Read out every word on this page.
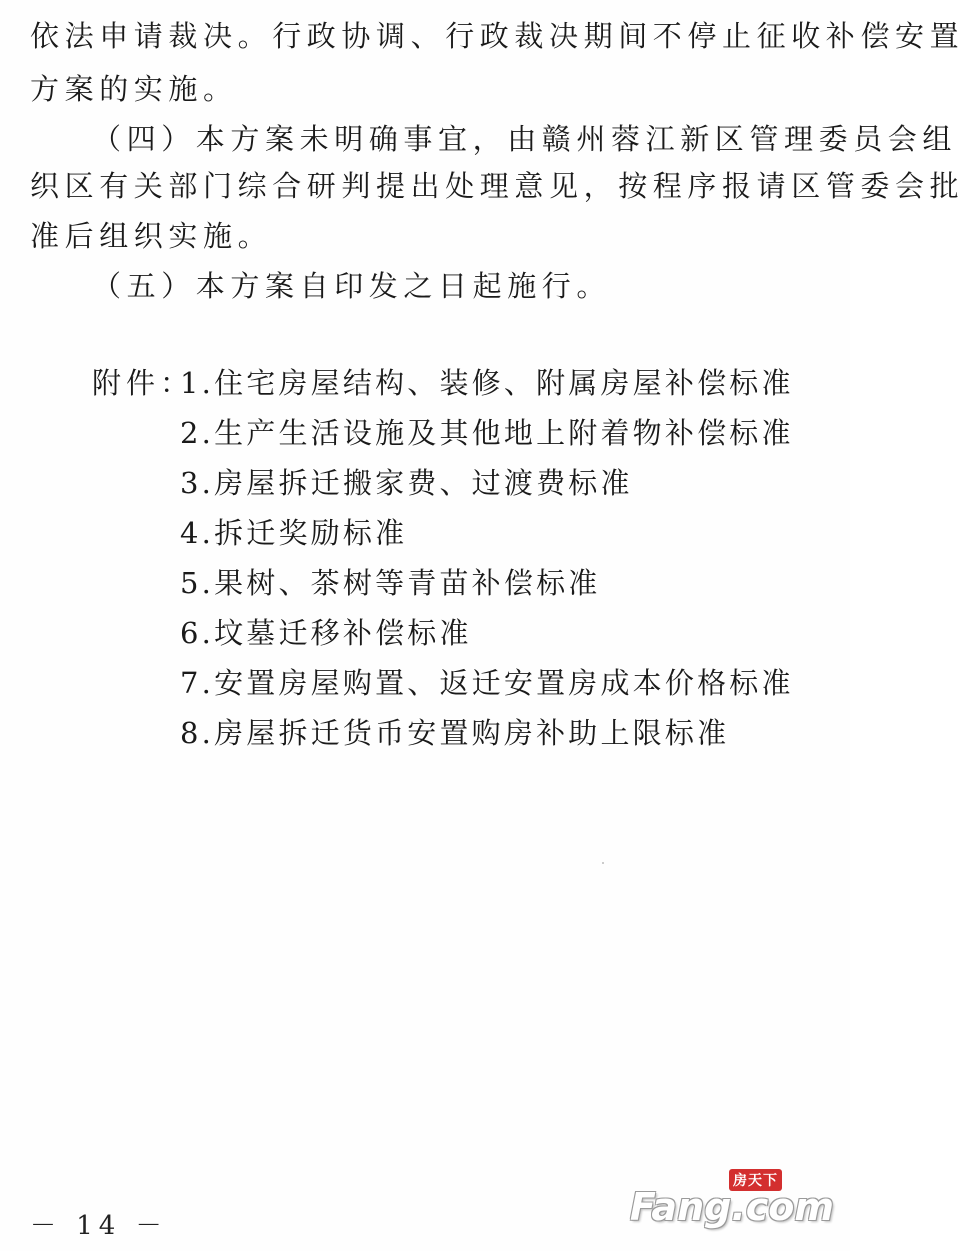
依法申请裁决。行政协调、行政裁决期间不停止征收补偿安置
方案的实施。
（四）本方案未明确事宜，由赣州蓉江新区管理委员会组
织区有关部门综合研判提出处理意见，按程序报请区管委会批
准后组织实施。
（五）本方案自印发之日起施行。
附件：
1.住宅房屋结构、装修、附属房屋补偿标准
2.生产生活设施及其他地上附着物补偿标准
3.房屋拆迁搬家费、过渡费标准
4.拆迁奖励标准
5.果树、茶树等青苗补偿标准
6.坟墓迁移补偿标准
7.安置房屋购置、返迁安置房成本价格标准
8.房屋拆迁货币安置购房补助上限标准
－ 14 －
房天下
Fang.com
